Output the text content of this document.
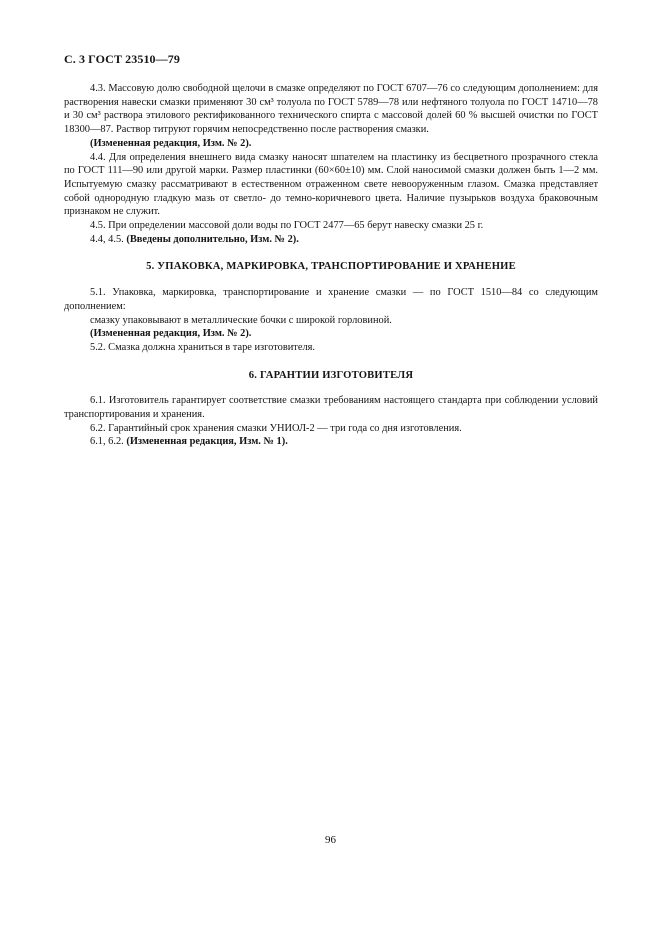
С. 3 ГОСТ 23510—79

4.3. Массовую долю свободной щелочи в смазке определяют по ГОСТ 6707—76 со следующим дополнением: для растворения навески смазки применяют 30 см³ толуола по ГОСТ 5789—78 или нефтяного толуола по ГОСТ 14710—78 и 30 см³ раствора этилового ректификованного технического спирта с массовой долей 60 % высшей очистки по ГОСТ 18300—87. Раствор титруют горячим непосредственно после растворения смазки.

(Измененная редакция, Изм. № 2).

4.4. Для определения внешнего вида смазку наносят шпателем на пластинку из бесцветного прозрачного стекла по ГОСТ 111—90 или другой марки. Размер пластинки (60×60±10) мм. Слой наносимой смазки должен быть 1—2 мм. Испытуемую смазку рассматривают в естественном отраженном свете невооруженным глазом. Смазка представляет собой однородную гладкую мазь от светло- до темно-коричневого цвета. Наличие пузырьков воздуха браковочным признаком не служит.

4.5. При определении массовой доли воды по ГОСТ 2477—65 берут навеску смазки 25 г.

4.4, 4.5. (Введены дополнительно, Изм. № 2).

5. УПАКОВКА, МАРКИРОВКА, ТРАНСПОРТИРОВАНИЕ И ХРАНЕНИЕ

5.1. Упаковка, маркировка, транспортирование и хранение смазки — по ГОСТ 1510—84 со следующим дополнением:

смазку упаковывают в металлические бочки с широкой горловиной.

(Измененная редакция, Изм. № 2).

5.2. Смазка должна храниться в таре изготовителя.

6. ГАРАНТИИ ИЗГОТОВИТЕЛЯ

6.1. Изготовитель гарантирует соответствие смазки требованиям настоящего стандарта при соблюдении условий транспортирования и хранения.

6.2. Гарантийный срок хранения смазки УНИОЛ-2 — три года со дня изготовления.

6.1, 6.2. (Измененная редакция, Изм. № 1).

96
